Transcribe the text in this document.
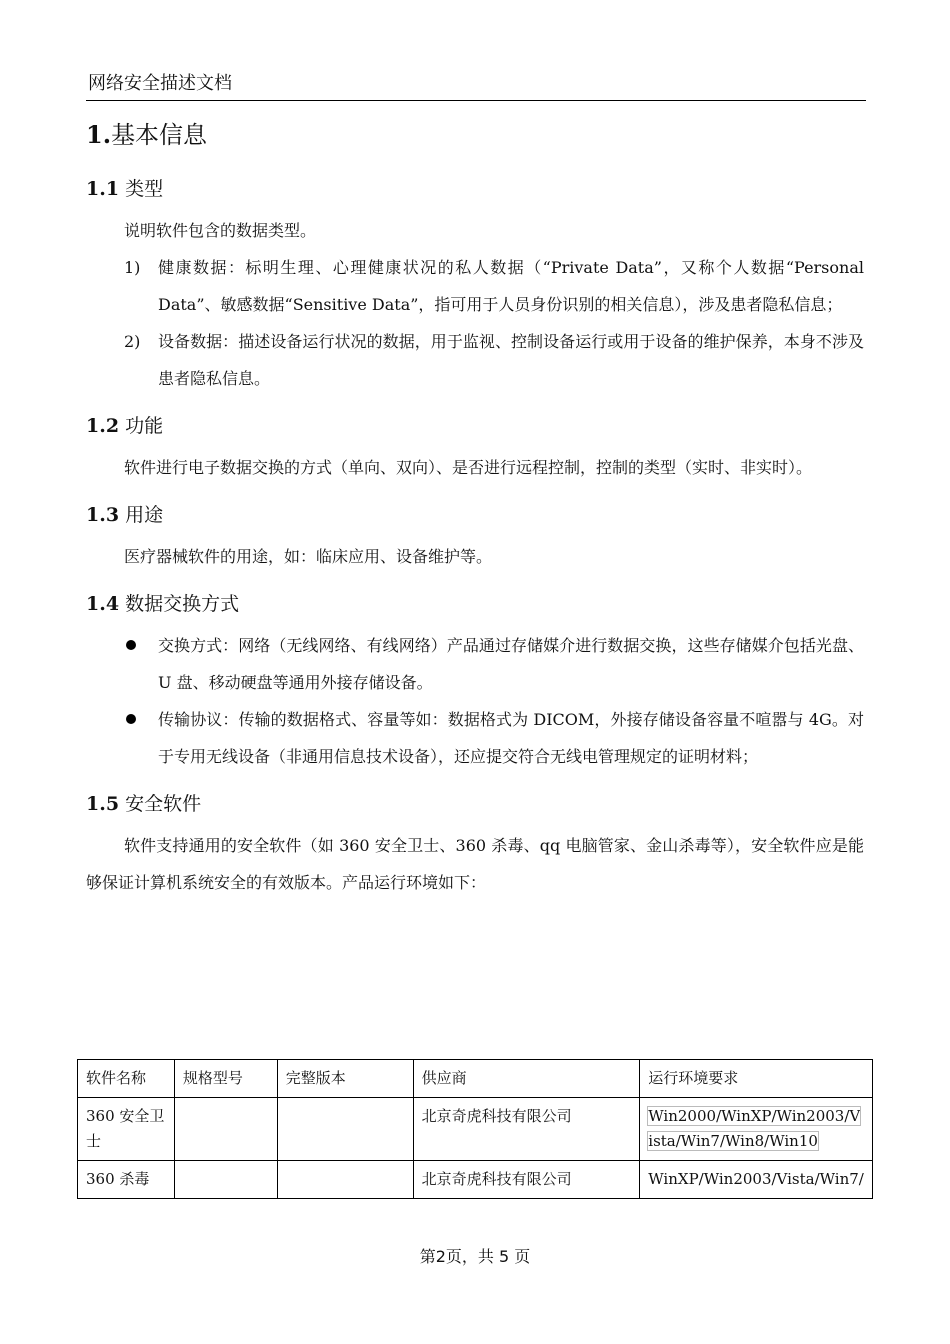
网络安全描述文档
1.基本信息
1.1 类型

说明软件包含的数据类型。

1) 健康数据：标明生理、心理健康状况的私人数据（“Private Data”，又称个人数据“Personal Data”、敏感数据“Sensitive Data”，指可用于人员身份识别的相关信息），涉及患者隐私信息；
2) 设备数据：描述设备运行状况的数据，用于监视、控制设备运行或用于设备的维护保养，本身不涉及患者隐私信息。
1.2 功能

软件进行电子数据交换的方式（单向、双向）、是否进行远程控制，控制的类型（实时、非实时）。

1.3 用途

医疗器械软件的用途，如：临床应用、设备维护等。

1.4 数据交换方式
交换方式：网络（无线网络、有线网络）产品通过存储媒介进行数据交换，这些存储媒介包括光盘、U 盘、移动硬盘等通用外接存储设备。
传输协议：传输的数据格式、容量等如：数据格式为 DICOM，外接存储设备容量不喧嚣与 4G。对于专用无线设备（非通用信息技术设备），还应提交符合无线电管理规定的证明材料；
1.5 安全软件

软件支持通用的安全软件（如 360 安全卫士、360 杀毒、qq 电脑管家、金山杀毒等），安全软件应是能够保证计算机系统安全的有效版本。产品运行环境如下：

软件名称	规格型号	完整版本	供应商	运行环境要求
360 安全卫士			北京奇虎科技有限公司	Win2000/WinXP/Win2003/Vista/Win7/Win8/Win10
360 杀毒			北京奇虎科技有限公司	WinXP/Win2003/Vista/Win7/
第2页，共 5 页
